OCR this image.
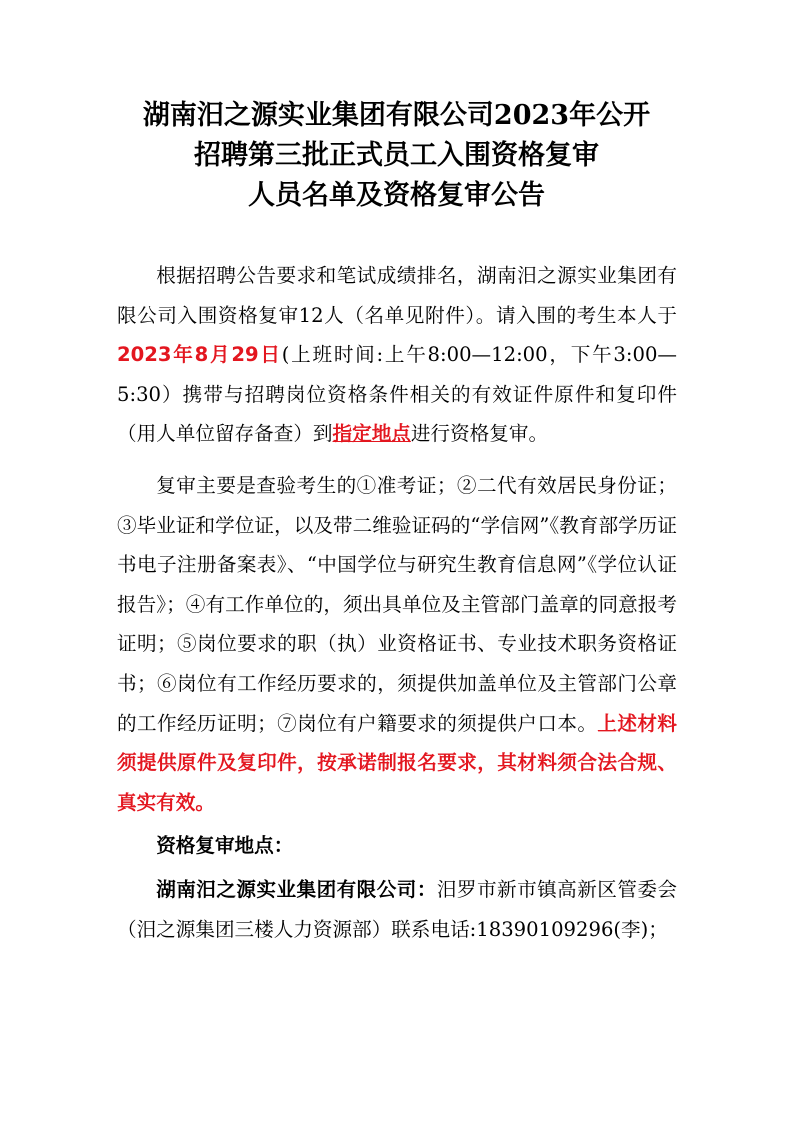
湖南汨之源实业集团有限公司2023年公开
招聘第三批正式员工入围资格复审
人员名单及资格复审公告

根据招聘公告要求和笔试成绩排名，湖南汨之源实业集团有限公司入围资格复审12人（名单见附件）。请入围的考生本人于2023年8月29日(上班时间:上午8:00—12:00，下午3:00—5:30）携带与招聘岗位资格条件相关的有效证件原件和复印件（用人单位留存备查）到指定地点进行资格复审。

复审主要是查验考生的①准考证；②二代有效居民身份证；③毕业证和学位证，以及带二维验证码的“学信网”《教育部学历证书电子注册备案表》、“中国学位与研究生教育信息网”《学位认证报告》；④有工作单位的，须出具单位及主管部门盖章的同意报考证明；⑤岗位要求的职（执）业资格证书、专业技术职务资格证书；⑥岗位有工作经历要求的，须提供加盖单位及主管部门公章的工作经历证明；⑦岗位有户籍要求的须提供户口本。上述材料须提供原件及复印件，按承诺制报名要求，其材料须合法合规、真实有效。

资格复审地点：

湖南汨之源实业集团有限公司：汨罗市新市镇高新区管委会（汨之源集团三楼人力资源部）联系电话:18390109296(李)；
